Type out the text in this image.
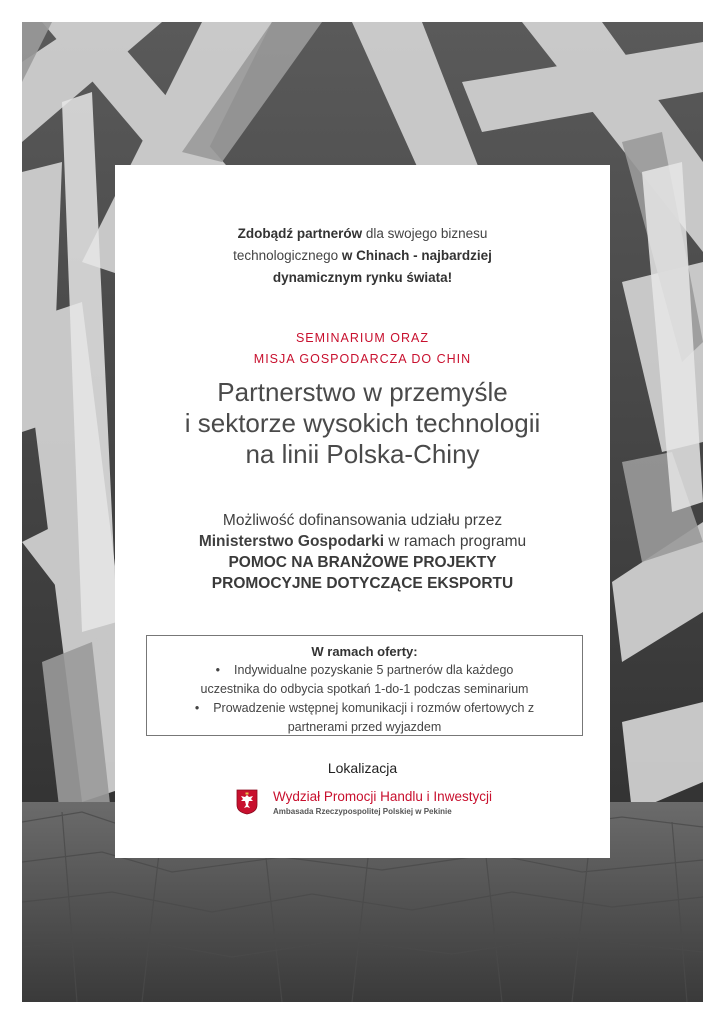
Zdobądź partnerów dla swojego biznesu
technologicznego w Chinach - najbardziej
dynamicznym rynku świata!
SEMINARIUM ORAZ
MISJA GOSPODARCZA DO CHIN
Partnerstwo w przemyśle
i sektorze wysokich technologii
na linii Polska-Chiny
Możliwość dofinansowania udziału przez
Ministerstwo Gospodarki w ramach programu
POMOC NA BRANŻOWE PROJEKTY
PROMOCYJNE DOTYCZĄCE EKSPORTU
W ramach oferty:
• Indywidualne pozyskanie 5 partnerów dla każdego
uczestnika do odbycia spotkań 1-do-1 podczas seminarium
• Prowadzenie wstępnej komunikacji i rozmów ofertowych z
partnerami przed wyjazdem
Lokalizacja
Wydział Promocji Handlu i Inwestycji
Ambasada Rzeczypospolitej Polskiej w Pekinie
